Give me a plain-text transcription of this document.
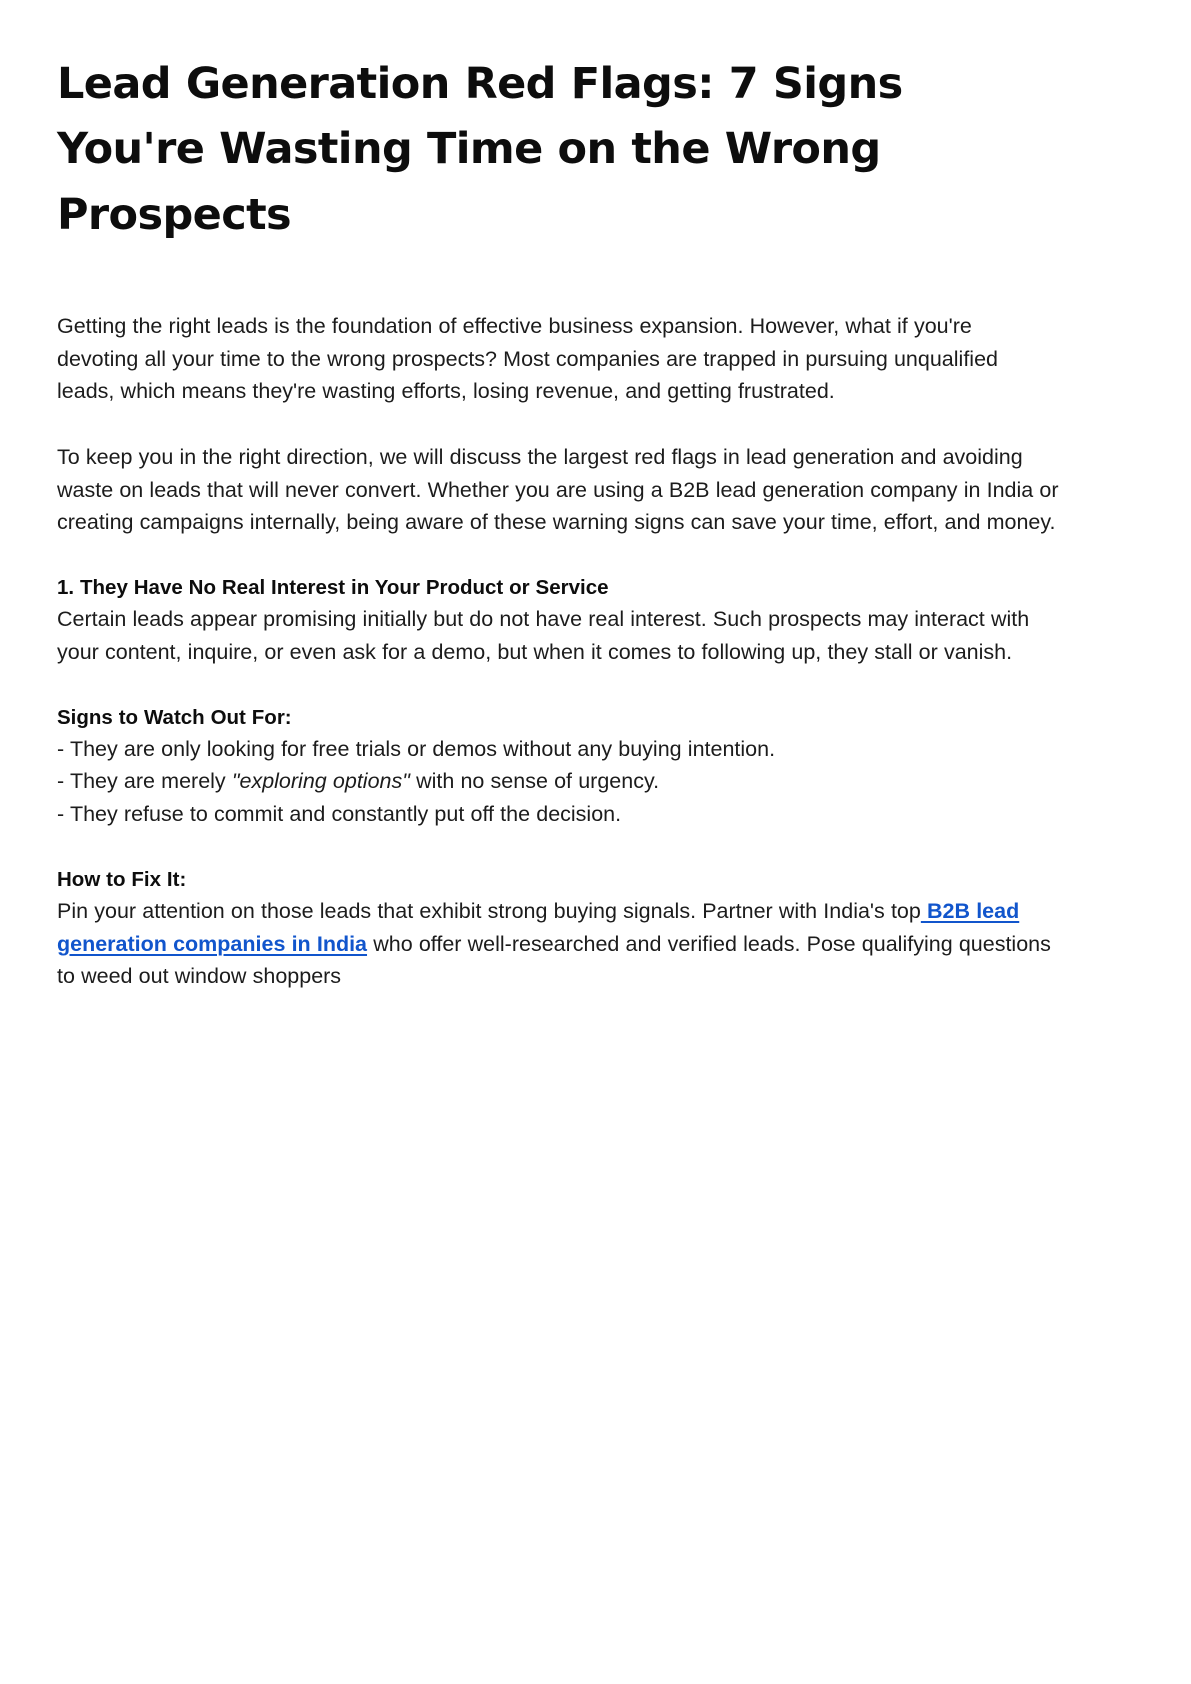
Lead Generation Red Flags: 7 Signs You're Wasting Time on the Wrong Prospects

Getting the right leads is the foundation of effective business expansion. However, what if you're devoting all your time to the wrong prospects? Most companies are trapped in pursuing unqualified leads, which means they're wasting efforts, losing revenue, and getting frustrated.

To keep you in the right direction, we will discuss the largest red flags in lead generation and avoiding waste on leads that will never convert. Whether you are using a B2B lead generation company in India or creating campaigns internally, being aware of these warning signs can save your time, effort, and money.

1. They Have No Real Interest in Your Product or Service
Certain leads appear promising initially but do not have real interest. Such prospects may interact with your content, inquire, or even ask for a demo, but when it comes to following up, they stall or vanish.

Signs to Watch Out For:
- They are only looking for free trials or demos without any buying intention.
- They are merely "exploring options" with no sense of urgency.
- They refuse to commit and constantly put off the decision.

How to Fix It:
Pin your attention on those leads that exhibit strong buying signals. Partner with India's top B2B lead generation companies in India who offer well-researched and verified leads. Pose qualifying questions to weed out window shoppers
